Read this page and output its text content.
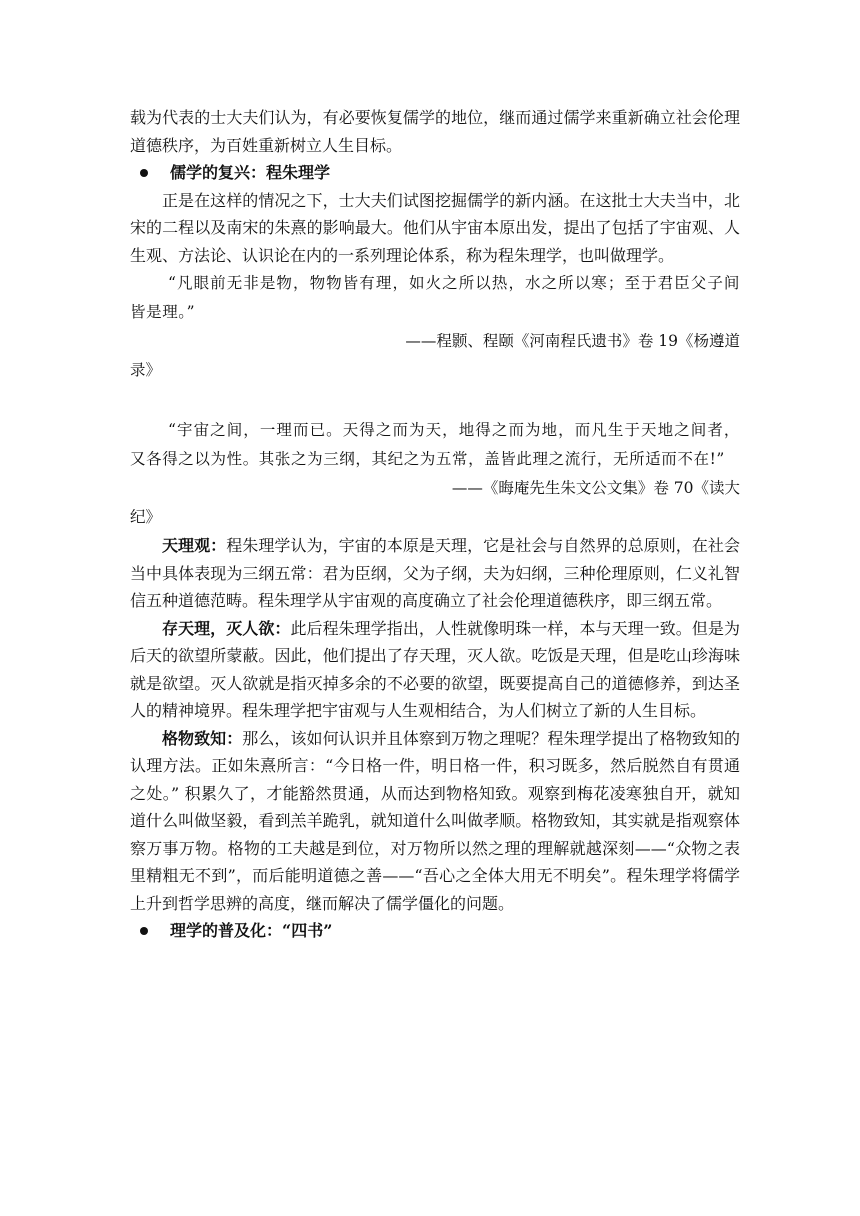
载为代表的士大夫们认为，有必要恢复儒学的地位，继而通过儒学来重新确立社会伦理道德秩序，为百姓重新树立人生目标。

儒学的复兴：程朱理学

正是在这样的情况之下，士大夫们试图挖掘儒学的新内涵。在这批士大夫当中，北宋的二程以及南宋的朱熹的影响最大。他们从宇宙本原出发，提出了包括了宇宙观、人生观、方法论、认识论在内的一系列理论体系，称为程朱理学，也叫做理学。

“凡眼前无非是物，物物皆有理，如火之所以热，水之所以寒；至于君臣父子间皆是理。”

——程颢、程颐《河南程氏遗书》卷 19《杨遵道
录》

“宇宙之间，一理而已。天得之而为天，地得之而为地，而凡生于天地之间者，又各得之以为性。其张之为三纲，其纪之为五常，盖皆此理之流行，无所适而不在!”

——《晦庵先生朱文公文集》卷 70《读大
纪》

天理观：程朱理学认为，宇宙的本原是天理，它是社会与自然界的总原则，在社会当中具体表现为三纲五常：君为臣纲，父为子纲，夫为妇纲，三种伦理原则，仁义礼智信五种道德范畴。程朱理学从宇宙观的高度确立了社会伦理道德秩序，即三纲五常。

存天理，灭人欲：此后程朱理学指出，人性就像明珠一样，本与天理一致。但是为后天的欲望所蒙蔽。因此，他们提出了存天理，灭人欲。吃饭是天理，但是吃山珍海味就是欲望。灭人欲就是指灭掉多余的不必要的欲望，既要提高自己的道德修养，到达圣人的精神境界。程朱理学把宇宙观与人生观相结合，为人们树立了新的人生目标。

格物致知：那么，该如何认识并且体察到万物之理呢？程朱理学提出了格物致知的认理方法。正如朱熹所言：“今日格一件，明日格一件，积习既多，然后脱然自有贯通之处。” 积累久了，才能豁然贯通，从而达到物格知致。观察到梅花凌寒独自开，就知道什么叫做坚毅，看到羔羊跪乳，就知道什么叫做孝顺。格物致知，其实就是指观察体察万事万物。格物的工夫越是到位，对万物所以然之理的理解就越深刻——“众物之表里精粗无不到”，而后能明道德之善——“吾心之全体大用无不明矣”。程朱理学将儒学上升到哲学思辨的高度，继而解决了儒学僵化的问题。

理学的普及化：“四书”
